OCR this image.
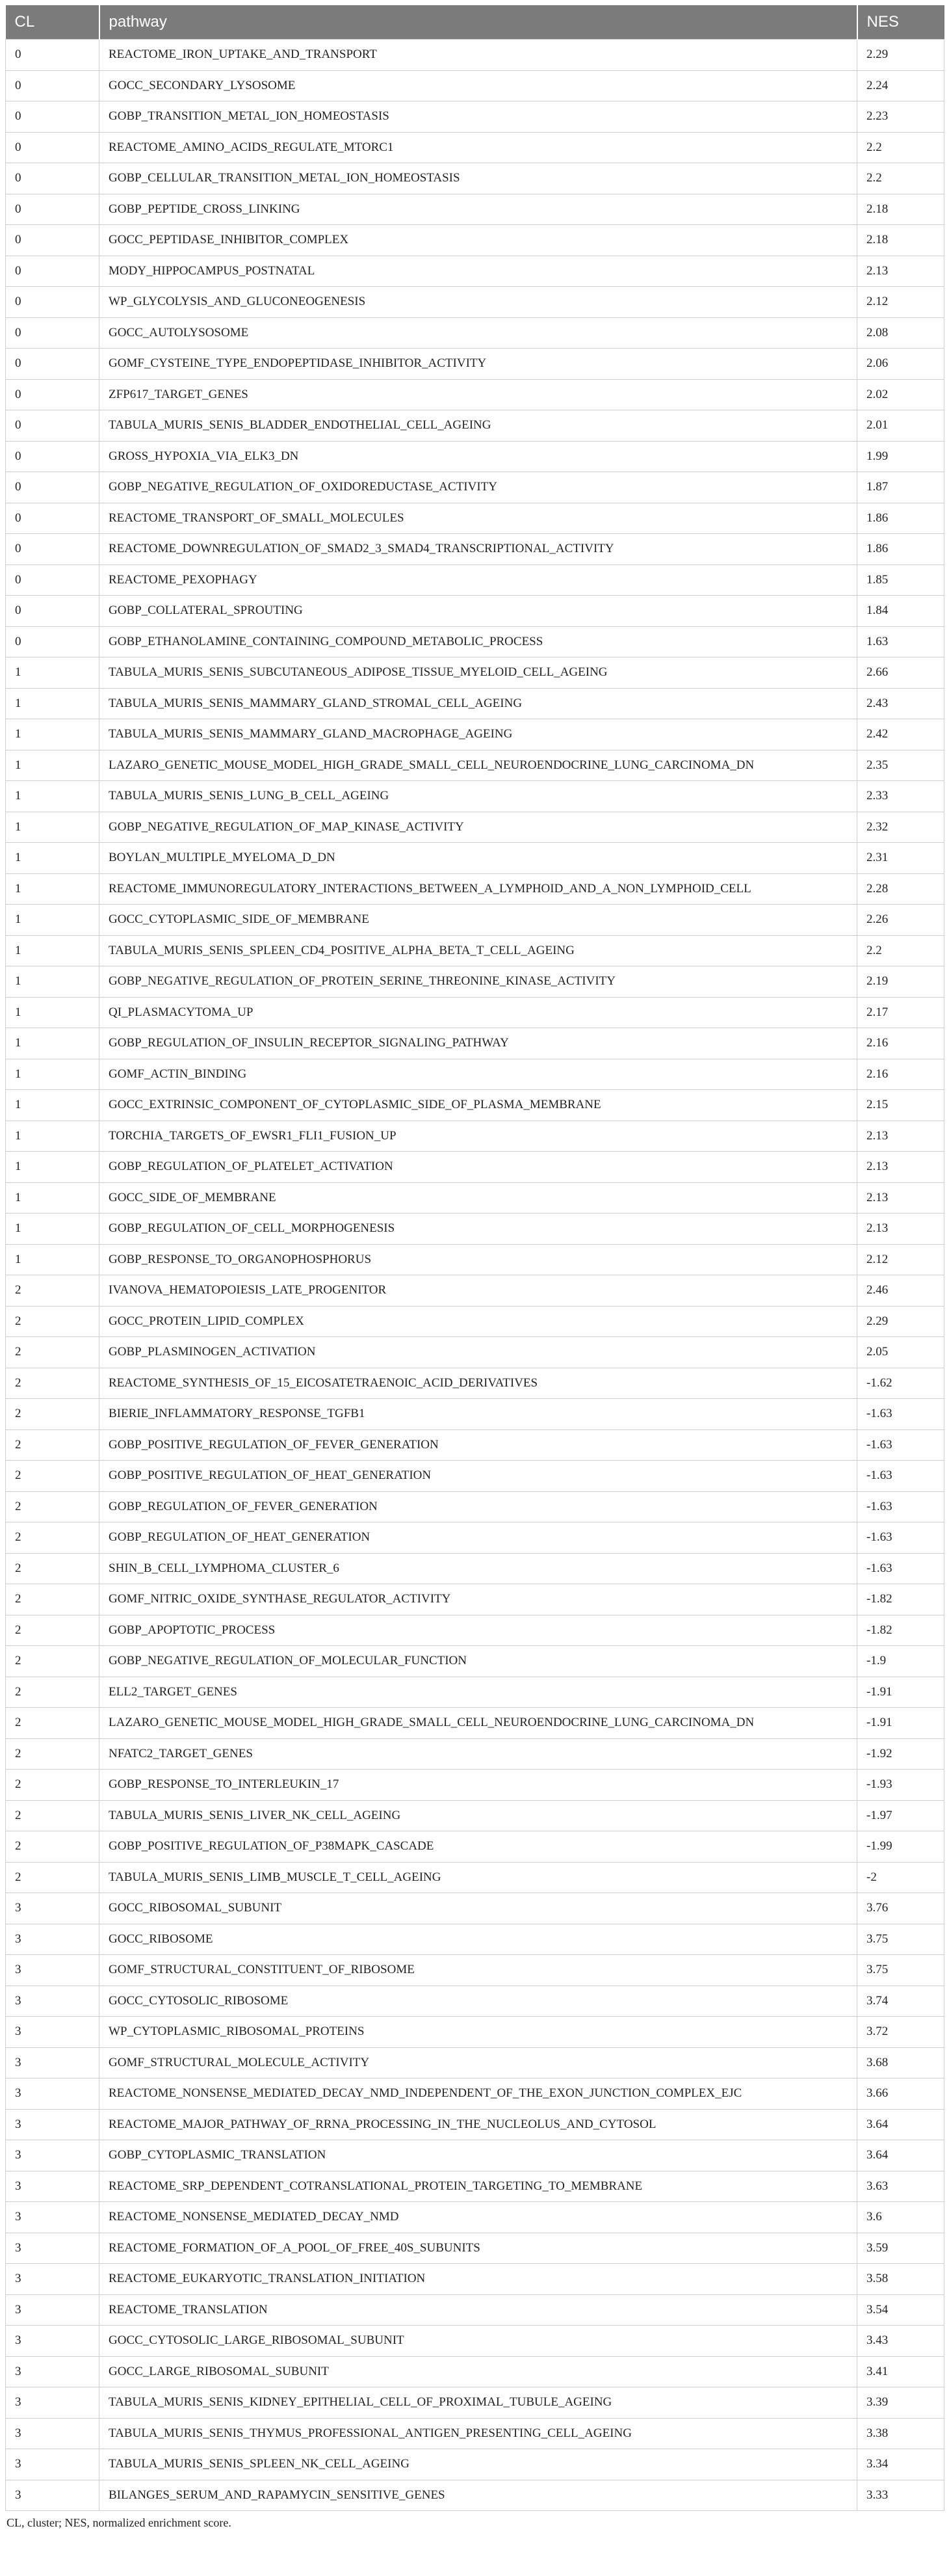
CL	pathway	NES
0	REACTOME_IRON_UPTAKE_AND_TRANSPORT	2.29
0	GOCC_SECONDARY_LYSOSOME	2.24
0	GOBP_TRANSITION_METAL_ION_HOMEOSTASIS	2.23
0	REACTOME_AMINO_ACIDS_REGULATE_MTORC1	2.2
0	GOBP_CELLULAR_TRANSITION_METAL_ION_HOMEOSTASIS	2.2
0	GOBP_PEPTIDE_CROSS_LINKING	2.18
0	GOCC_PEPTIDASE_INHIBITOR_COMPLEX	2.18
0	MODY_HIPPOCAMPUS_POSTNATAL	2.13
0	WP_GLYCOLYSIS_AND_GLUCONEOGENESIS	2.12
0	GOCC_AUTOLYSOSOME	2.08
0	GOMF_CYSTEINE_TYPE_ENDOPEPTIDASE_INHIBITOR_ACTIVITY	2.06
0	ZFP617_TARGET_GENES	2.02
0	TABULA_MURIS_SENIS_BLADDER_ENDOTHELIAL_CELL_AGEING	2.01
0	GROSS_HYPOXIA_VIA_ELK3_DN	1.99
0	GOBP_NEGATIVE_REGULATION_OF_OXIDOREDUCTASE_ACTIVITY	1.87
0	REACTOME_TRANSPORT_OF_SMALL_MOLECULES	1.86
0	REACTOME_DOWNREGULATION_OF_SMAD2_3_SMAD4_TRANSCRIPTIONAL_ACTIVITY	1.86
0	REACTOME_PEXOPHAGY	1.85
0	GOBP_COLLATERAL_SPROUTING	1.84
0	GOBP_ETHANOLAMINE_CONTAINING_COMPOUND_METABOLIC_PROCESS	1.63
1	TABULA_MURIS_SENIS_SUBCUTANEOUS_ADIPOSE_TISSUE_MYELOID_CELL_AGEING	2.66
1	TABULA_MURIS_SENIS_MAMMARY_GLAND_STROMAL_CELL_AGEING	2.43
1	TABULA_MURIS_SENIS_MAMMARY_GLAND_MACROPHAGE_AGEING	2.42
1	LAZARO_GENETIC_MOUSE_MODEL_HIGH_GRADE_SMALL_CELL_NEUROENDOCRINE_LUNG_CARCINOMA_DN	2.35
1	TABULA_MURIS_SENIS_LUNG_B_CELL_AGEING	2.33
1	GOBP_NEGATIVE_REGULATION_OF_MAP_KINASE_ACTIVITY	2.32
1	BOYLAN_MULTIPLE_MYELOMA_D_DN	2.31
1	REACTOME_IMMUNOREGULATORY_INTERACTIONS_BETWEEN_A_LYMPHOID_AND_A_NON_LYMPHOID_CELL	2.28
1	GOCC_CYTOPLASMIC_SIDE_OF_MEMBRANE	2.26
1	TABULA_MURIS_SENIS_SPLEEN_CD4_POSITIVE_ALPHA_BETA_T_CELL_AGEING	2.2
1	GOBP_NEGATIVE_REGULATION_OF_PROTEIN_SERINE_THREONINE_KINASE_ACTIVITY	2.19
1	QI_PLASMACYTOMA_UP	2.17
1	GOBP_REGULATION_OF_INSULIN_RECEPTOR_SIGNALING_PATHWAY	2.16
1	GOMF_ACTIN_BINDING	2.16
1	GOCC_EXTRINSIC_COMPONENT_OF_CYTOPLASMIC_SIDE_OF_PLASMA_MEMBRANE	2.15
1	TORCHIA_TARGETS_OF_EWSR1_FLI1_FUSION_UP	2.13
1	GOBP_REGULATION_OF_PLATELET_ACTIVATION	2.13
1	GOCC_SIDE_OF_MEMBRANE	2.13
1	GOBP_REGULATION_OF_CELL_MORPHOGENESIS	2.13
1	GOBP_RESPONSE_TO_ORGANOPHOSPHORUS	2.12
2	IVANOVA_HEMATOPOIESIS_LATE_PROGENITOR	2.46
2	GOCC_PROTEIN_LIPID_COMPLEX	2.29
2	GOBP_PLASMINOGEN_ACTIVATION	2.05
2	REACTOME_SYNTHESIS_OF_15_EICOSATETRAENOIC_ACID_DERIVATIVES	-1.62
2	BIERIE_INFLAMMATORY_RESPONSE_TGFB1	-1.63
2	GOBP_POSITIVE_REGULATION_OF_FEVER_GENERATION	-1.63
2	GOBP_POSITIVE_REGULATION_OF_HEAT_GENERATION	-1.63
2	GOBP_REGULATION_OF_FEVER_GENERATION	-1.63
2	GOBP_REGULATION_OF_HEAT_GENERATION	-1.63
2	SHIN_B_CELL_LYMPHOMA_CLUSTER_6	-1.63
2	GOMF_NITRIC_OXIDE_SYNTHASE_REGULATOR_ACTIVITY	-1.82
2	GOBP_APOPTOTIC_PROCESS	-1.82
2	GOBP_NEGATIVE_REGULATION_OF_MOLECULAR_FUNCTION	-1.9
2	ELL2_TARGET_GENES	-1.91
2	LAZARO_GENETIC_MOUSE_MODEL_HIGH_GRADE_SMALL_CELL_NEUROENDOCRINE_LUNG_CARCINOMA_DN	-1.91
2	NFATC2_TARGET_GENES	-1.92
2	GOBP_RESPONSE_TO_INTERLEUKIN_17	-1.93
2	TABULA_MURIS_SENIS_LIVER_NK_CELL_AGEING	-1.97
2	GOBP_POSITIVE_REGULATION_OF_P38MAPK_CASCADE	-1.99
2	TABULA_MURIS_SENIS_LIMB_MUSCLE_T_CELL_AGEING	-2
3	GOCC_RIBOSOMAL_SUBUNIT	3.76
3	GOCC_RIBOSOME	3.75
3	GOMF_STRUCTURAL_CONSTITUENT_OF_RIBOSOME	3.75
3	GOCC_CYTOSOLIC_RIBOSOME	3.74
3	WP_CYTOPLASMIC_RIBOSOMAL_PROTEINS	3.72
3	GOMF_STRUCTURAL_MOLECULE_ACTIVITY	3.68
3	REACTOME_NONSENSE_MEDIATED_DECAY_NMD_INDEPENDENT_OF_THE_EXON_JUNCTION_COMPLEX_EJC	3.66
3	REACTOME_MAJOR_PATHWAY_OF_RRNA_PROCESSING_IN_THE_NUCLEOLUS_AND_CYTOSOL	3.64
3	GOBP_CYTOPLASMIC_TRANSLATION	3.64
3	REACTOME_SRP_DEPENDENT_COTRANSLATIONAL_PROTEIN_TARGETING_TO_MEMBRANE	3.63
3	REACTOME_NONSENSE_MEDIATED_DECAY_NMD	3.6
3	REACTOME_FORMATION_OF_A_POOL_OF_FREE_40S_SUBUNITS	3.59
3	REACTOME_EUKARYOTIC_TRANSLATION_INITIATION	3.58
3	REACTOME_TRANSLATION	3.54
3	GOCC_CYTOSOLIC_LARGE_RIBOSOMAL_SUBUNIT	3.43
3	GOCC_LARGE_RIBOSOMAL_SUBUNIT	3.41
3	TABULA_MURIS_SENIS_KIDNEY_EPITHELIAL_CELL_OF_PROXIMAL_TUBULE_AGEING	3.39
3	TABULA_MURIS_SENIS_THYMUS_PROFESSIONAL_ANTIGEN_PRESENTING_CELL_AGEING	3.38
3	TABULA_MURIS_SENIS_SPLEEN_NK_CELL_AGEING	3.34
3	BILANGES_SERUM_AND_RAPAMYCIN_SENSITIVE_GENES	3.33
CL, cluster; NES, normalized enrichment score.
